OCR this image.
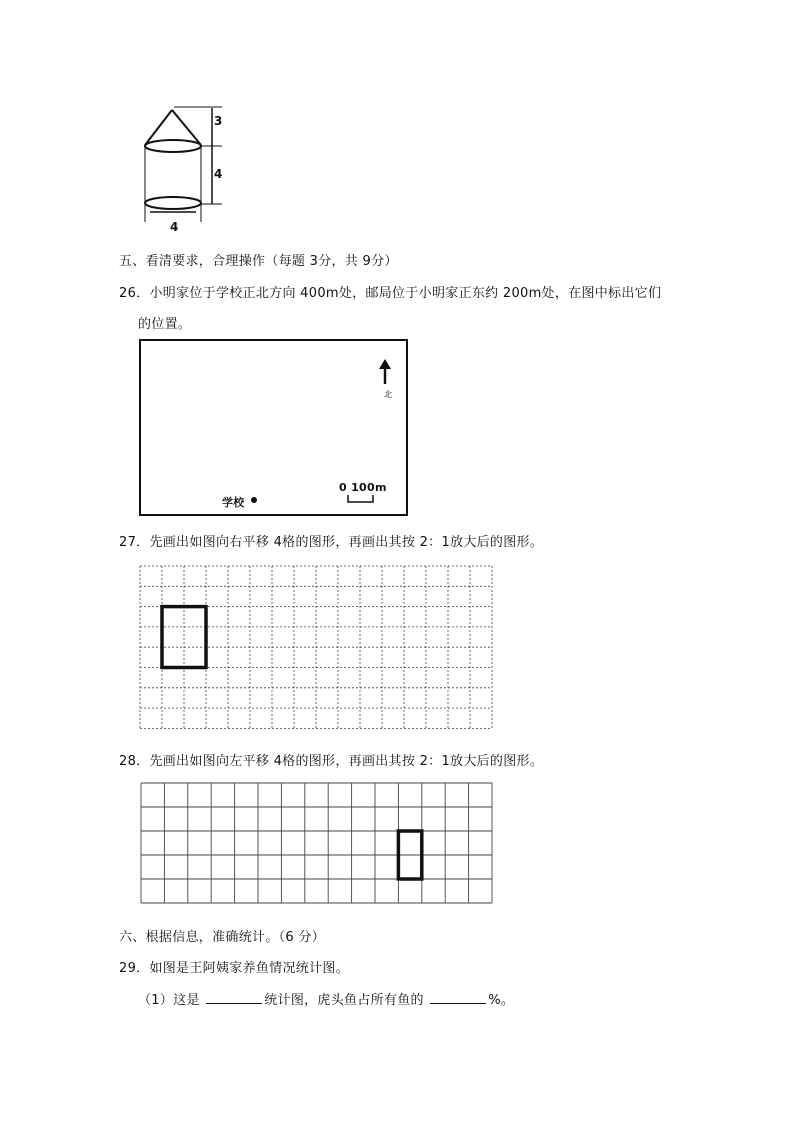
3
4
4
五、看清要求，合理操作（每题 3分，共 9分）
26．小明家位于学校正北方向 400m处，邮局位于小明家正东约 200m处，在图中标出它们
的位置。
北
0 100m
学校
27．先画出如图向右平移 4格的图形，再画出其按 2：1放大后的图形。
28．先画出如图向左平移 4格的图形，再画出其按 2：1放大后的图形。
六、根据信息，准确统计。（6 分）
29．如图是王阿姨家养鱼情况统计图。
（1）这是	统计图，虎头鱼占所有鱼的	%。
